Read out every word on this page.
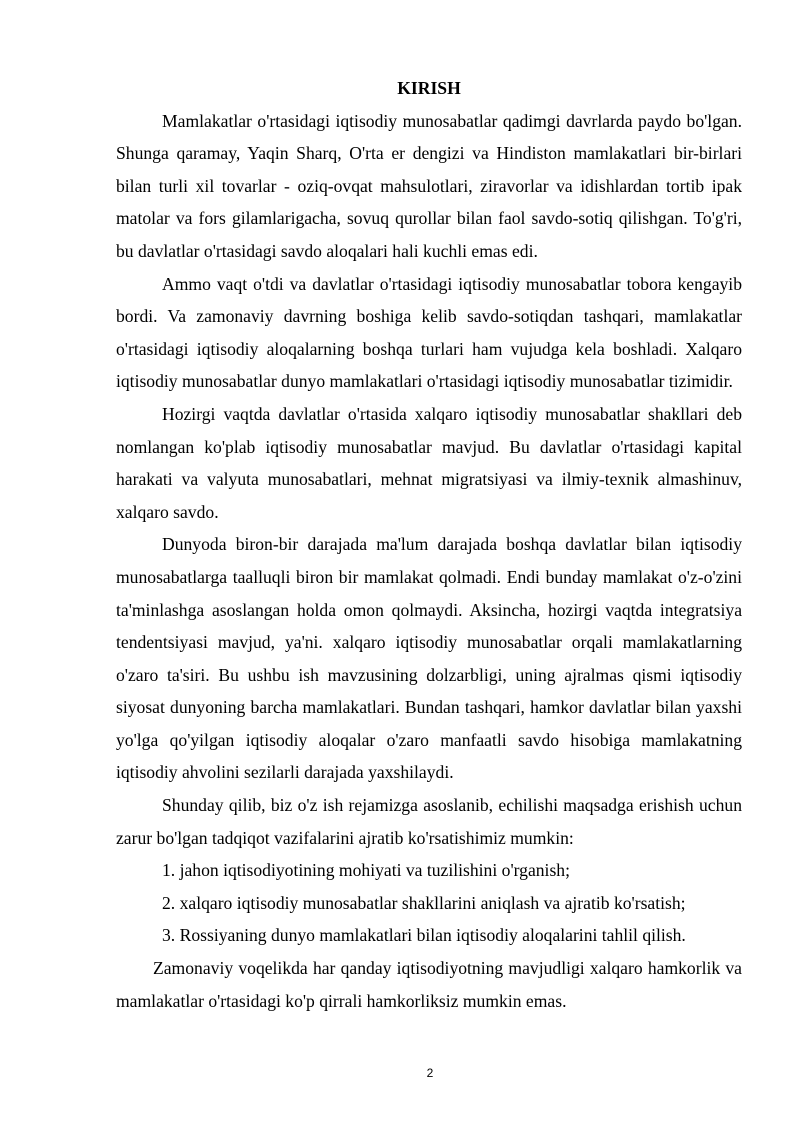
KIRISH

Mamlakatlar o'rtasidagi iqtisodiy munosabatlar qadimgi davrlarda paydo bo'lgan. Shunga qaramay, Yaqin Sharq, O'rta er dengizi va Hindiston mamlakatlari bir-birlari bilan turli xil tovarlar - oziq-ovqat mahsulotlari, ziravorlar va idishlardan tortib ipak matolar va fors gilamlarigacha, sovuq qurollar bilan faol savdo-sotiq qilishgan. To'g'ri, bu davlatlar o'rtasidagi savdo aloqalari hali kuchli emas edi.

Ammo vaqt o'tdi va davlatlar o'rtasidagi iqtisodiy munosabatlar tobora kengayib bordi. Va zamonaviy davrning boshiga kelib savdo-sotiqdan tashqari, mamlakatlar o'rtasidagi iqtisodiy aloqalarning boshqa turlari ham vujudga kela boshladi. Xalqaro iqtisodiy munosabatlar dunyo mamlakatlari o'rtasidagi iqtisodiy munosabatlar tizimidir.

Hozirgi vaqtda davlatlar o'rtasida xalqaro iqtisodiy munosabatlar shakllari deb nomlangan ko'plab iqtisodiy munosabatlar mavjud. Bu davlatlar o'rtasidagi kapital harakati va valyuta munosabatlari, mehnat migratsiyasi va ilmiy-texnik almashinuv, xalqaro savdo.

Dunyoda biron-bir darajada ma'lum darajada boshqa davlatlar bilan iqtisodiy munosabatlarga taalluqli biron bir mamlakat qolmadi. Endi bunday mamlakat o'z-o'zini ta'minlashga asoslangan holda omon qolmaydi. Aksincha, hozirgi vaqtda integratsiya tendentsiyasi mavjud, ya'ni. xalqaro iqtisodiy munosabatlar orqali mamlakatlarning o'zaro ta'siri. Bu ushbu ish mavzusining dolzarbligi, uning ajralmas qismi iqtisodiy siyosat dunyoning barcha mamlakatlari. Bundan tashqari, hamkor davlatlar bilan yaxshi yo'lga qo'yilgan iqtisodiy aloqalar o'zaro manfaatli savdo hisobiga mamlakatning iqtisodiy ahvolini sezilarli darajada yaxshilaydi.

Shunday qilib, biz o'z ish rejamizga asoslanib, echilishi maqsadga erishish uchun zarur bo'lgan tadqiqot vazifalarini ajratib ko'rsatishimiz mumkin:

1. jahon iqtisodiyotining mohiyati va tuzilishini o'rganish;

2. xalqaro iqtisodiy munosabatlar shakllarini aniqlash va ajratib ko'rsatish;

3. Rossiyaning dunyo mamlakatlari bilan iqtisodiy aloqalarini tahlil qilish.

Zamonaviy voqelikda har qanday iqtisodiyotning mavjudligi xalqaro hamkorlik va mamlakatlar o'rtasidagi ko'p qirrali hamkorliksiz mumkin emas.

2
